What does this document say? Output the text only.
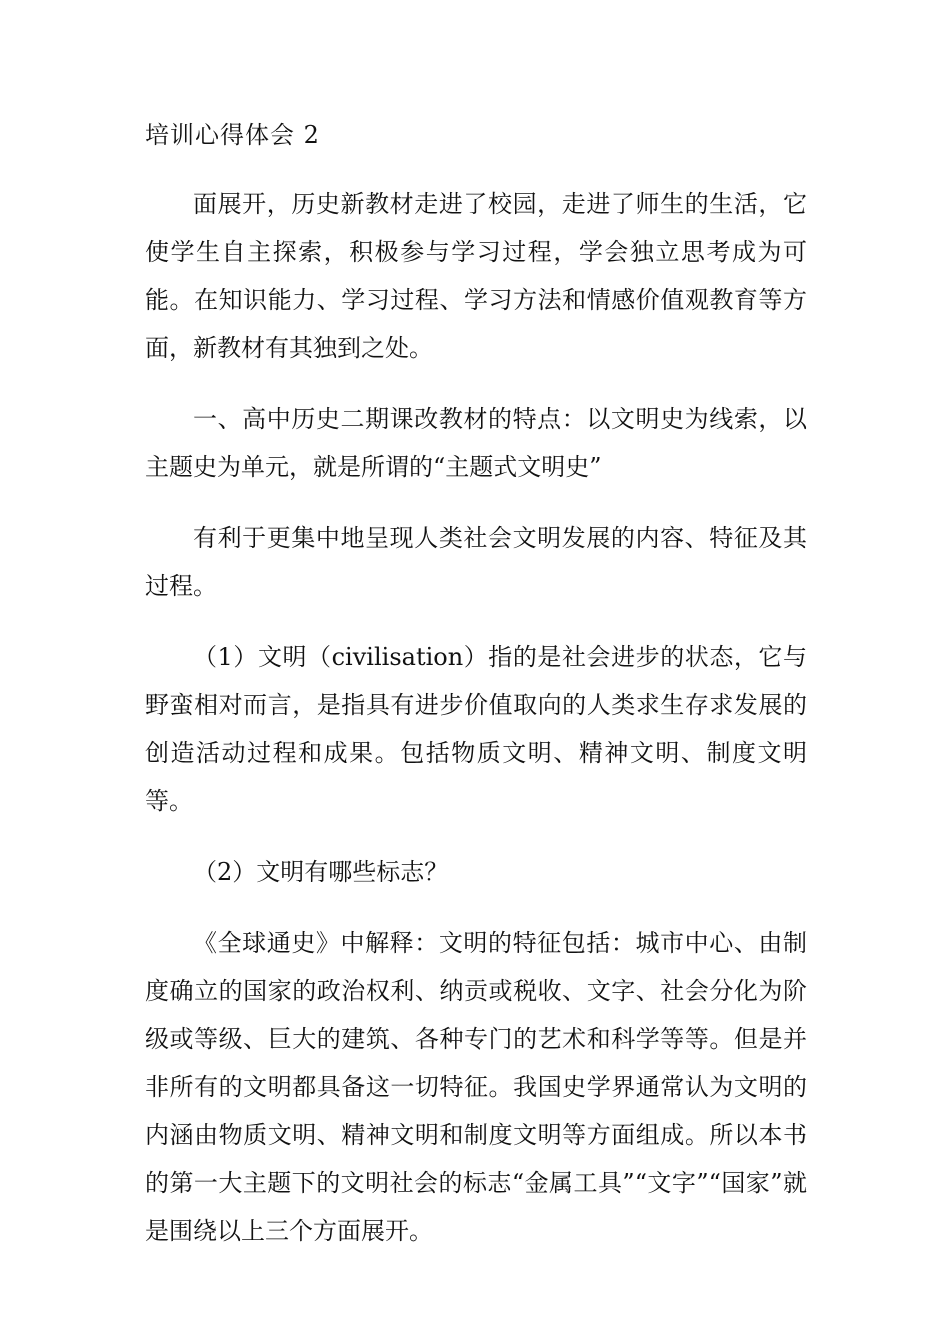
培训心得体会 2

面展开，历史新教材走进了校园，走进了师生的生活，它使学生自主探索，积极参与学习过程，学会独立思考成为可能。在知识能力、学习过程、学习方法和情感价值观教育等方面，新教材有其独到之处。

一、高中历史二期课改教材的特点：以文明史为线索，以主题史为单元，就是所谓的“主题式文明史”

有利于更集中地呈现人类社会文明发展的内容、特征及其过程。

（1）文明（civilisation）指的是社会进步的状态，它与野蛮相对而言，是指具有进步价值取向的人类求生存求发展的创造活动过程和成果。包括物质文明、精神文明、制度文明等。

（2）文明有哪些标志？

《全球通史》中解释：文明的特征包括：城市中心、由制度确立的国家的政治权利、纳贡或税收、文字、社会分化为阶级或等级、巨大的建筑、各种专门的艺术和科学等等。但是并非所有的文明都具备这一切特征。我国史学界通常认为文明的内涵由物质文明、精神文明和制度文明等方面组成。所以本书的第一大主题下的文明社会的标志“金属工具”“文字”“国家”就是围绕以上三个方面展开。
